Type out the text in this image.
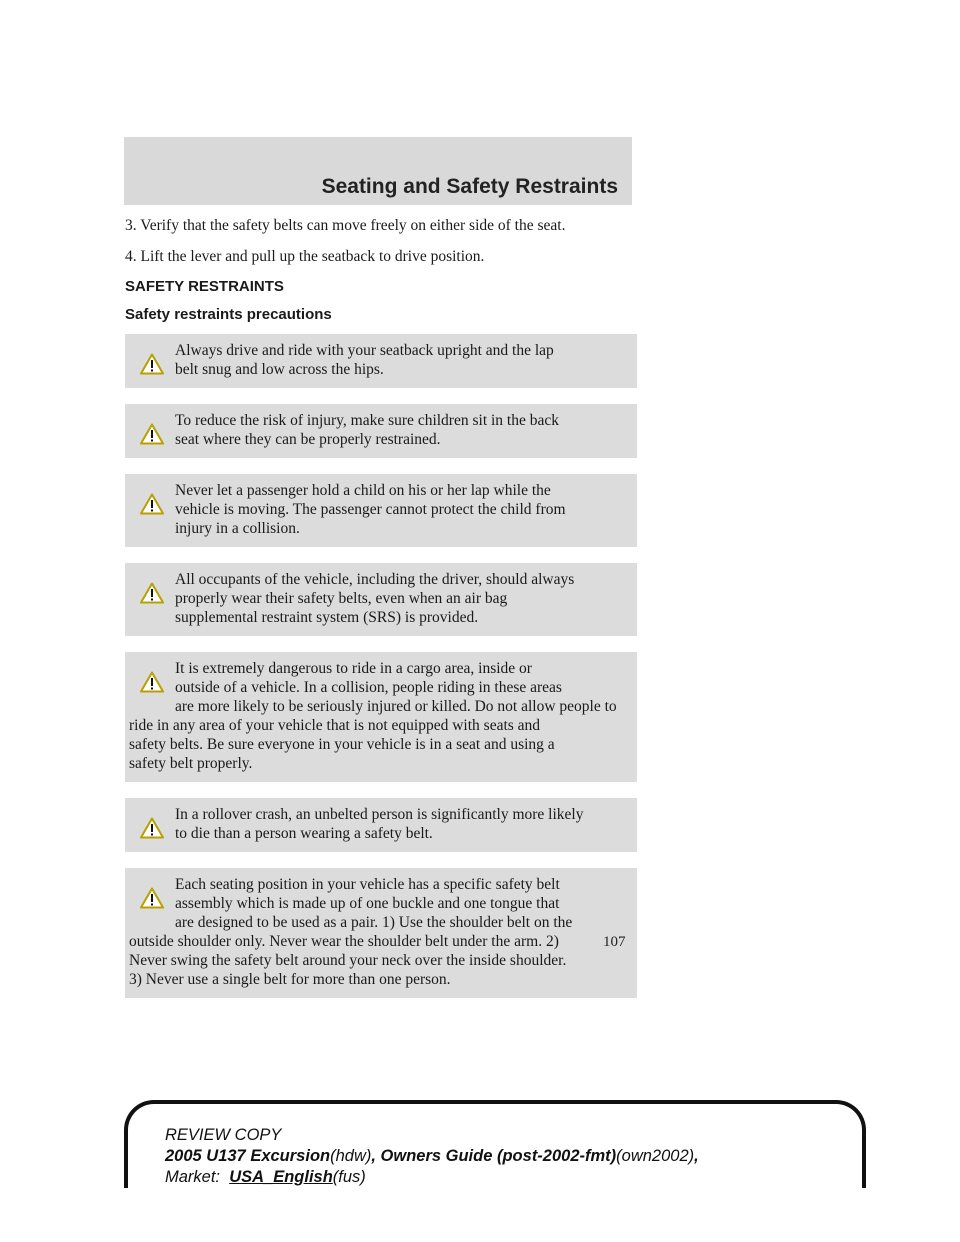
Seating and Safety Restraints

3. Verify that the safety belts can move freely on either side of the seat.

4. Lift the lever and pull up the seatback to drive position.

SAFETY RESTRAINTS
Safety restraints precautions
Always drive and ride with your seatback upright and the lap
belt snug and low across the hips.
To reduce the risk of injury, make sure children sit in the back
seat where they can be properly restrained.
Never let a passenger hold a child on his or her lap while the
vehicle is moving. The passenger cannot protect the child from
injury in a collision.
All occupants of the vehicle, including the driver, should always
properly wear their safety belts, even when an air bag
supplemental restraint system (SRS) is provided.
It is extremely dangerous to ride in a cargo area, inside or
outside of a vehicle. In a collision, people riding in these areas
are more likely to be seriously injured or killed. Do not allow people to
ride in any area of your vehicle that is not equipped with seats and
safety belts. Be sure everyone in your vehicle is in a seat and using a
safety belt properly.
In a rollover crash, an unbelted person is significantly more likely
to die than a person wearing a safety belt.
Each seating position in your vehicle has a specific safety belt
assembly which is made up of one buckle and one tongue that
are designed to be used as a pair. 1) Use the shoulder belt on the
outside shoulder only. Never wear the shoulder belt under the arm. 2)
Never swing the safety belt around your neck over the inside shoulder.
3) Never use a single belt for more than one person.
107
REVIEW COPY
2005 U137 Excursion(hdw), Owners Guide (post-2002-fmt)(own2002),
Market: USA_English(fus)
